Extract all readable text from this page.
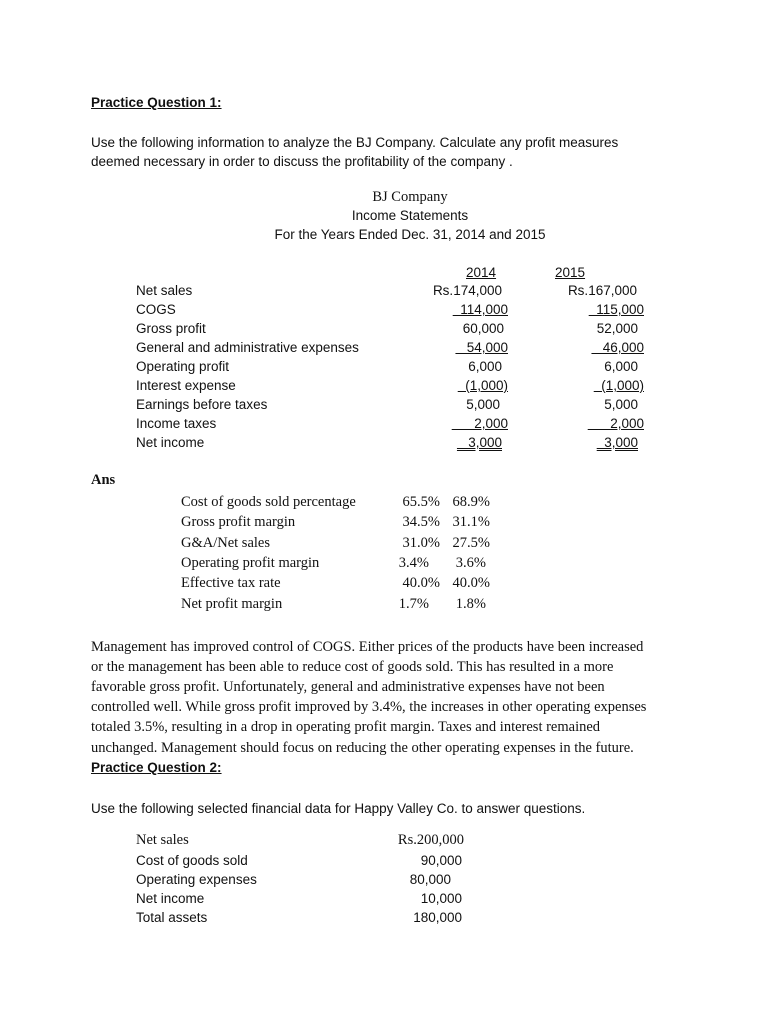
Practice Question 1:
Use the following information to analyze the BJ Company. Calculate any profit measures
deemed necessary in order to discuss the profitability of the company .
BJ Company
Income Statements
For the Years Ended Dec. 31, 2014 and 2015
2014	2015
Net sales	Rs.174,000	Rs.167,000
COGS	114,000	115,000
Gross profit	60,000	52,000
General and administrative expenses	54,000	46,000
Operating profit	6,000	6,000
Interest expense	(1,000)	(1,000)
Earnings before taxes	5,000	5,000
Income taxes	2,000	2,000
Net income	3,000	3,000
Ans
Cost of goods sold percentage	65.5% 68.9%
Gross profit margin	34.5% 31.1%
G&A/Net sales	31.0% 27.5%
Operating profit margin	3.4%	3.6%
Effective tax rate	40.0% 40.0%
Net profit margin	1.7%	1.8%
Management has improved control of COGS. Either prices of the products have been increased
or the management has been able to reduce cost of goods sold. This has resulted in a more
favorable gross profit. Unfortunately, general and administrative expenses have not been
controlled well. While gross profit improved by 3.4%, the increases in other operating expenses
totaled 3.5%, resulting in a drop in operating profit margin. Taxes and interest remained
unchanged. Management should focus on reducing the other operating expenses in the future.
Practice Question 2:
Use the following selected financial data for Happy Valley Co. to answer questions.
Net sales	Rs.200,000
Cost of goods sold	90,000
Operating expenses	80,000
Net income	10,000
Total assets	180,000
